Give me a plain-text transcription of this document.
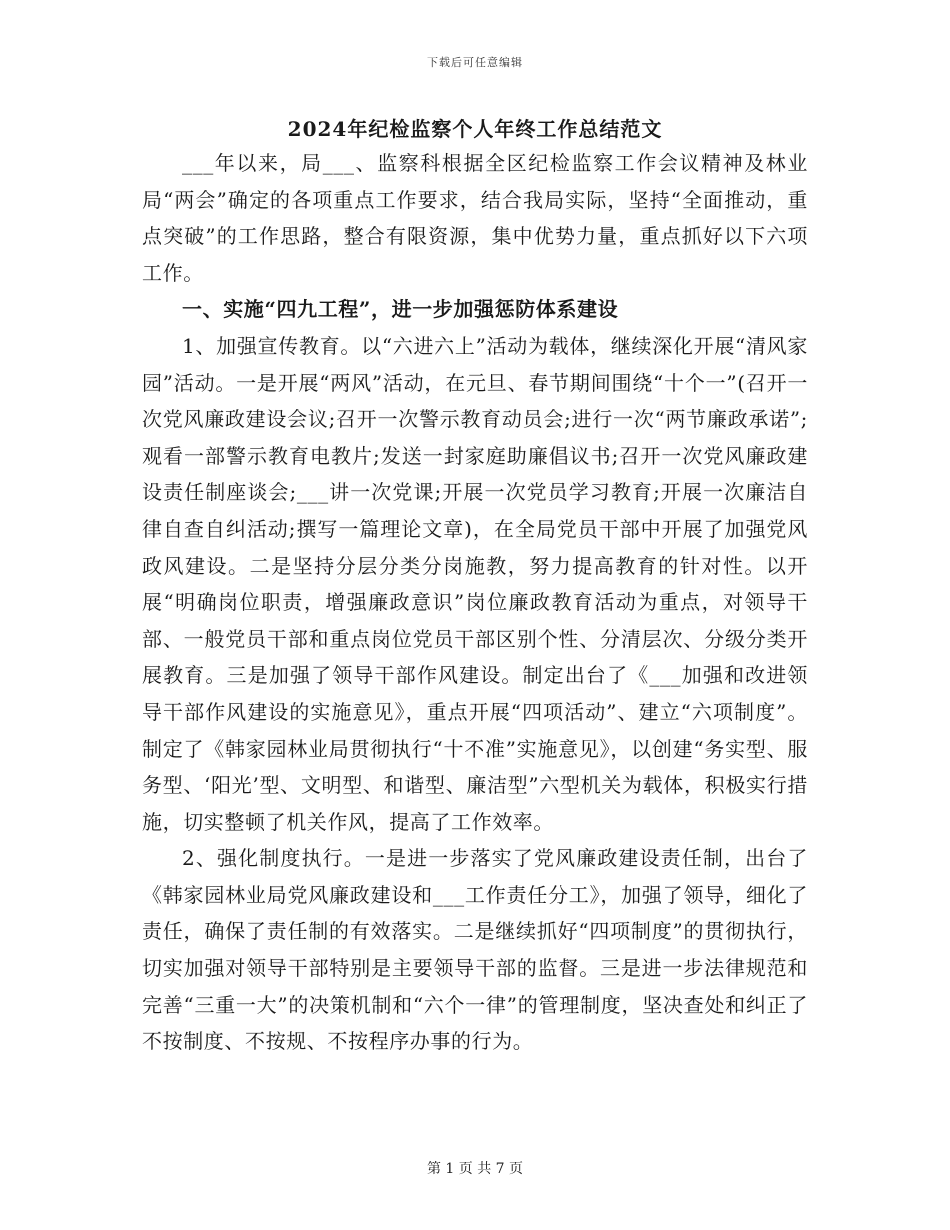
下载后可任意编辑
2024年纪检监察个人年终工作总结范文

___年以来，局___、监察科根据全区纪检监察工作会议精神及林业局“两会”确定的各项重点工作要求，结合我局实际，坚持“全面推动，重点突破”的工作思路，整合有限资源，集中优势力量，重点抓好以下六项工作。

一、实施“四九工程”，进一步加强惩防体系建设

1、加强宣传教育。以“六进六上”活动为载体，继续深化开展“清风家园”活动。一是开展“两风”活动，在元旦、春节期间围绕“十个一”(召开一次党风廉政建设会议;召开一次警示教育动员会;进行一次“两节廉政承诺”;观看一部警示教育电教片;发送一封家庭助廉倡议书;召开一次党风廉政建设责任制座谈会;___讲一次党课;开展一次党员学习教育;开展一次廉洁自律自查自纠活动;撰写一篇理论文章)，在全局党员干部中开展了加强党风政风建设。二是坚持分层分类分岗施教，努力提高教育的针对性。以开展“明确岗位职责，增强廉政意识”岗位廉政教育活动为重点，对领导干部、一般党员干部和重点岗位党员干部区别个性、分清层次、分级分类开展教育。三是加强了领导干部作风建设。制定出台了《___加强和改进领导干部作风建设的实施意见》，重点开展“四项活动”、建立“六项制度”。制定了《韩家园林业局贯彻执行“十不准”实施意见》，以创建“务实型、服务型、‘阳光’型、文明型、和谐型、廉洁型”六型机关为载体，积极实行措施，切实整顿了机关作风，提高了工作效率。

2、强化制度执行。一是进一步落实了党风廉政建设责任制，出台了《韩家园林业局党风廉政建设和___工作责任分工》，加强了领导，细化了责任，确保了责任制的有效落实。二是继续抓好“四项制度”的贯彻执行，切实加强对领导干部特别是主要领导干部的监督。三是进一步法律规范和完善“三重一大”的决策机制和“六个一律”的管理制度，坚决查处和纠正了不按制度、不按规、不按程序办事的行为。

第 1 页 共 7 页
